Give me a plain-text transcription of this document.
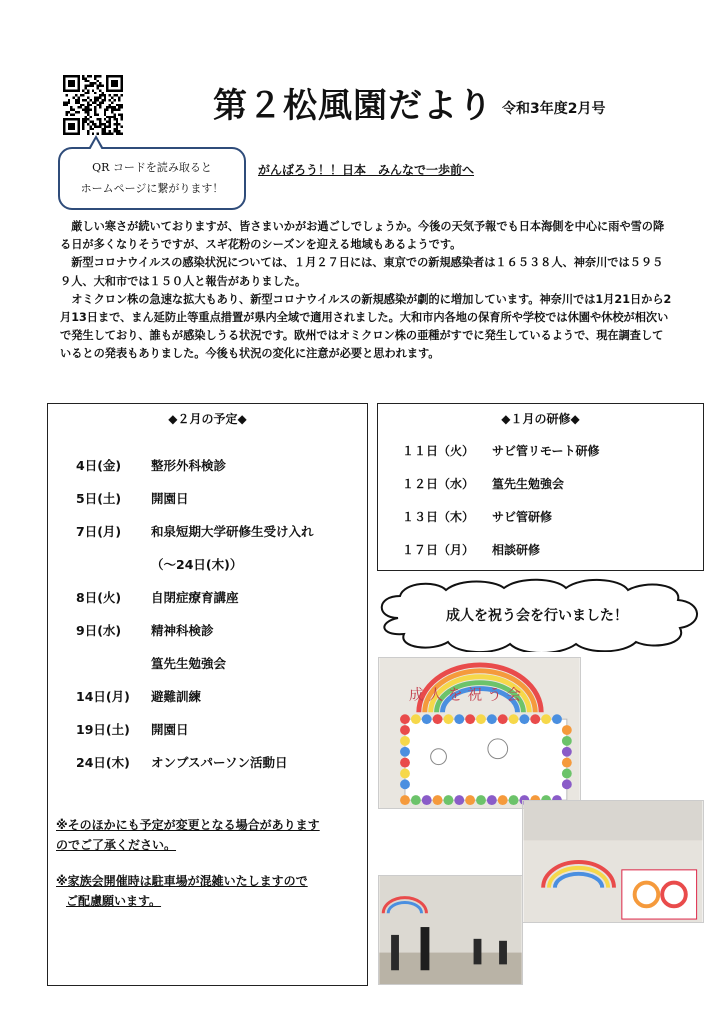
第２松風園だより 令和3年度2月号
QR コードを読み取ると
ホームページに繋がります！
がんばろう！！日本　みんなで一歩前へ

厳しい寒さが続いておりますが、皆さまいかがお過ごしでしょうか。今後の天気予報でも日本海側を中心に雨や雪の降る日が多くなりそうですが、スギ花粉のシーズンを迎える地域もあるようです。

新型コロナウイルスの感染状況については、１月２７日には、東京での新規感染者は１６５３８人、神奈川では５９５９人、大和市では１５０人と報告がありました。

オミクロン株の急速な拡大もあり、新型コロナウイルスの新規感染が劇的に増加しています。神奈川では1月21日から2月13日まで、まん延防止等重点措置が県内全域で適用されました。大和市内各地の保育所や学校では休園や休校が相次いで発生しており、誰もが感染しうる状況です。欧州ではオミクロン株の亜種がすでに発生しているようで、現在調査しているとの発表もありました。今後も状況の変化に注意が必要と思われます。

◆２月の予定◆
4日(金) 整形外科検診
5日(土) 開園日
7日(月) 和泉短期大学研修生受け入れ
（～24日(木)）
8日(火) 自閉症療育講座
9日(水) 精神科検診
篁先生勉強会
14日(月) 避難訓練
19日(土) 開園日
24日(木) オンブスパーソン活動日
※そのほかにも予定が変更となる場合があります
のでご了承ください。
※家族会開催時は駐車場が混雑いたしますので
ご配慮願います。
◆１月の研修◆
１１日（火） サビ管リモート研修
１２日（水） 篁先生勉強会
１３日（木） サビ管研修
１７日（月） 相談研修
成人を祝う会を行いました！
成 人 を 祝 う 会
